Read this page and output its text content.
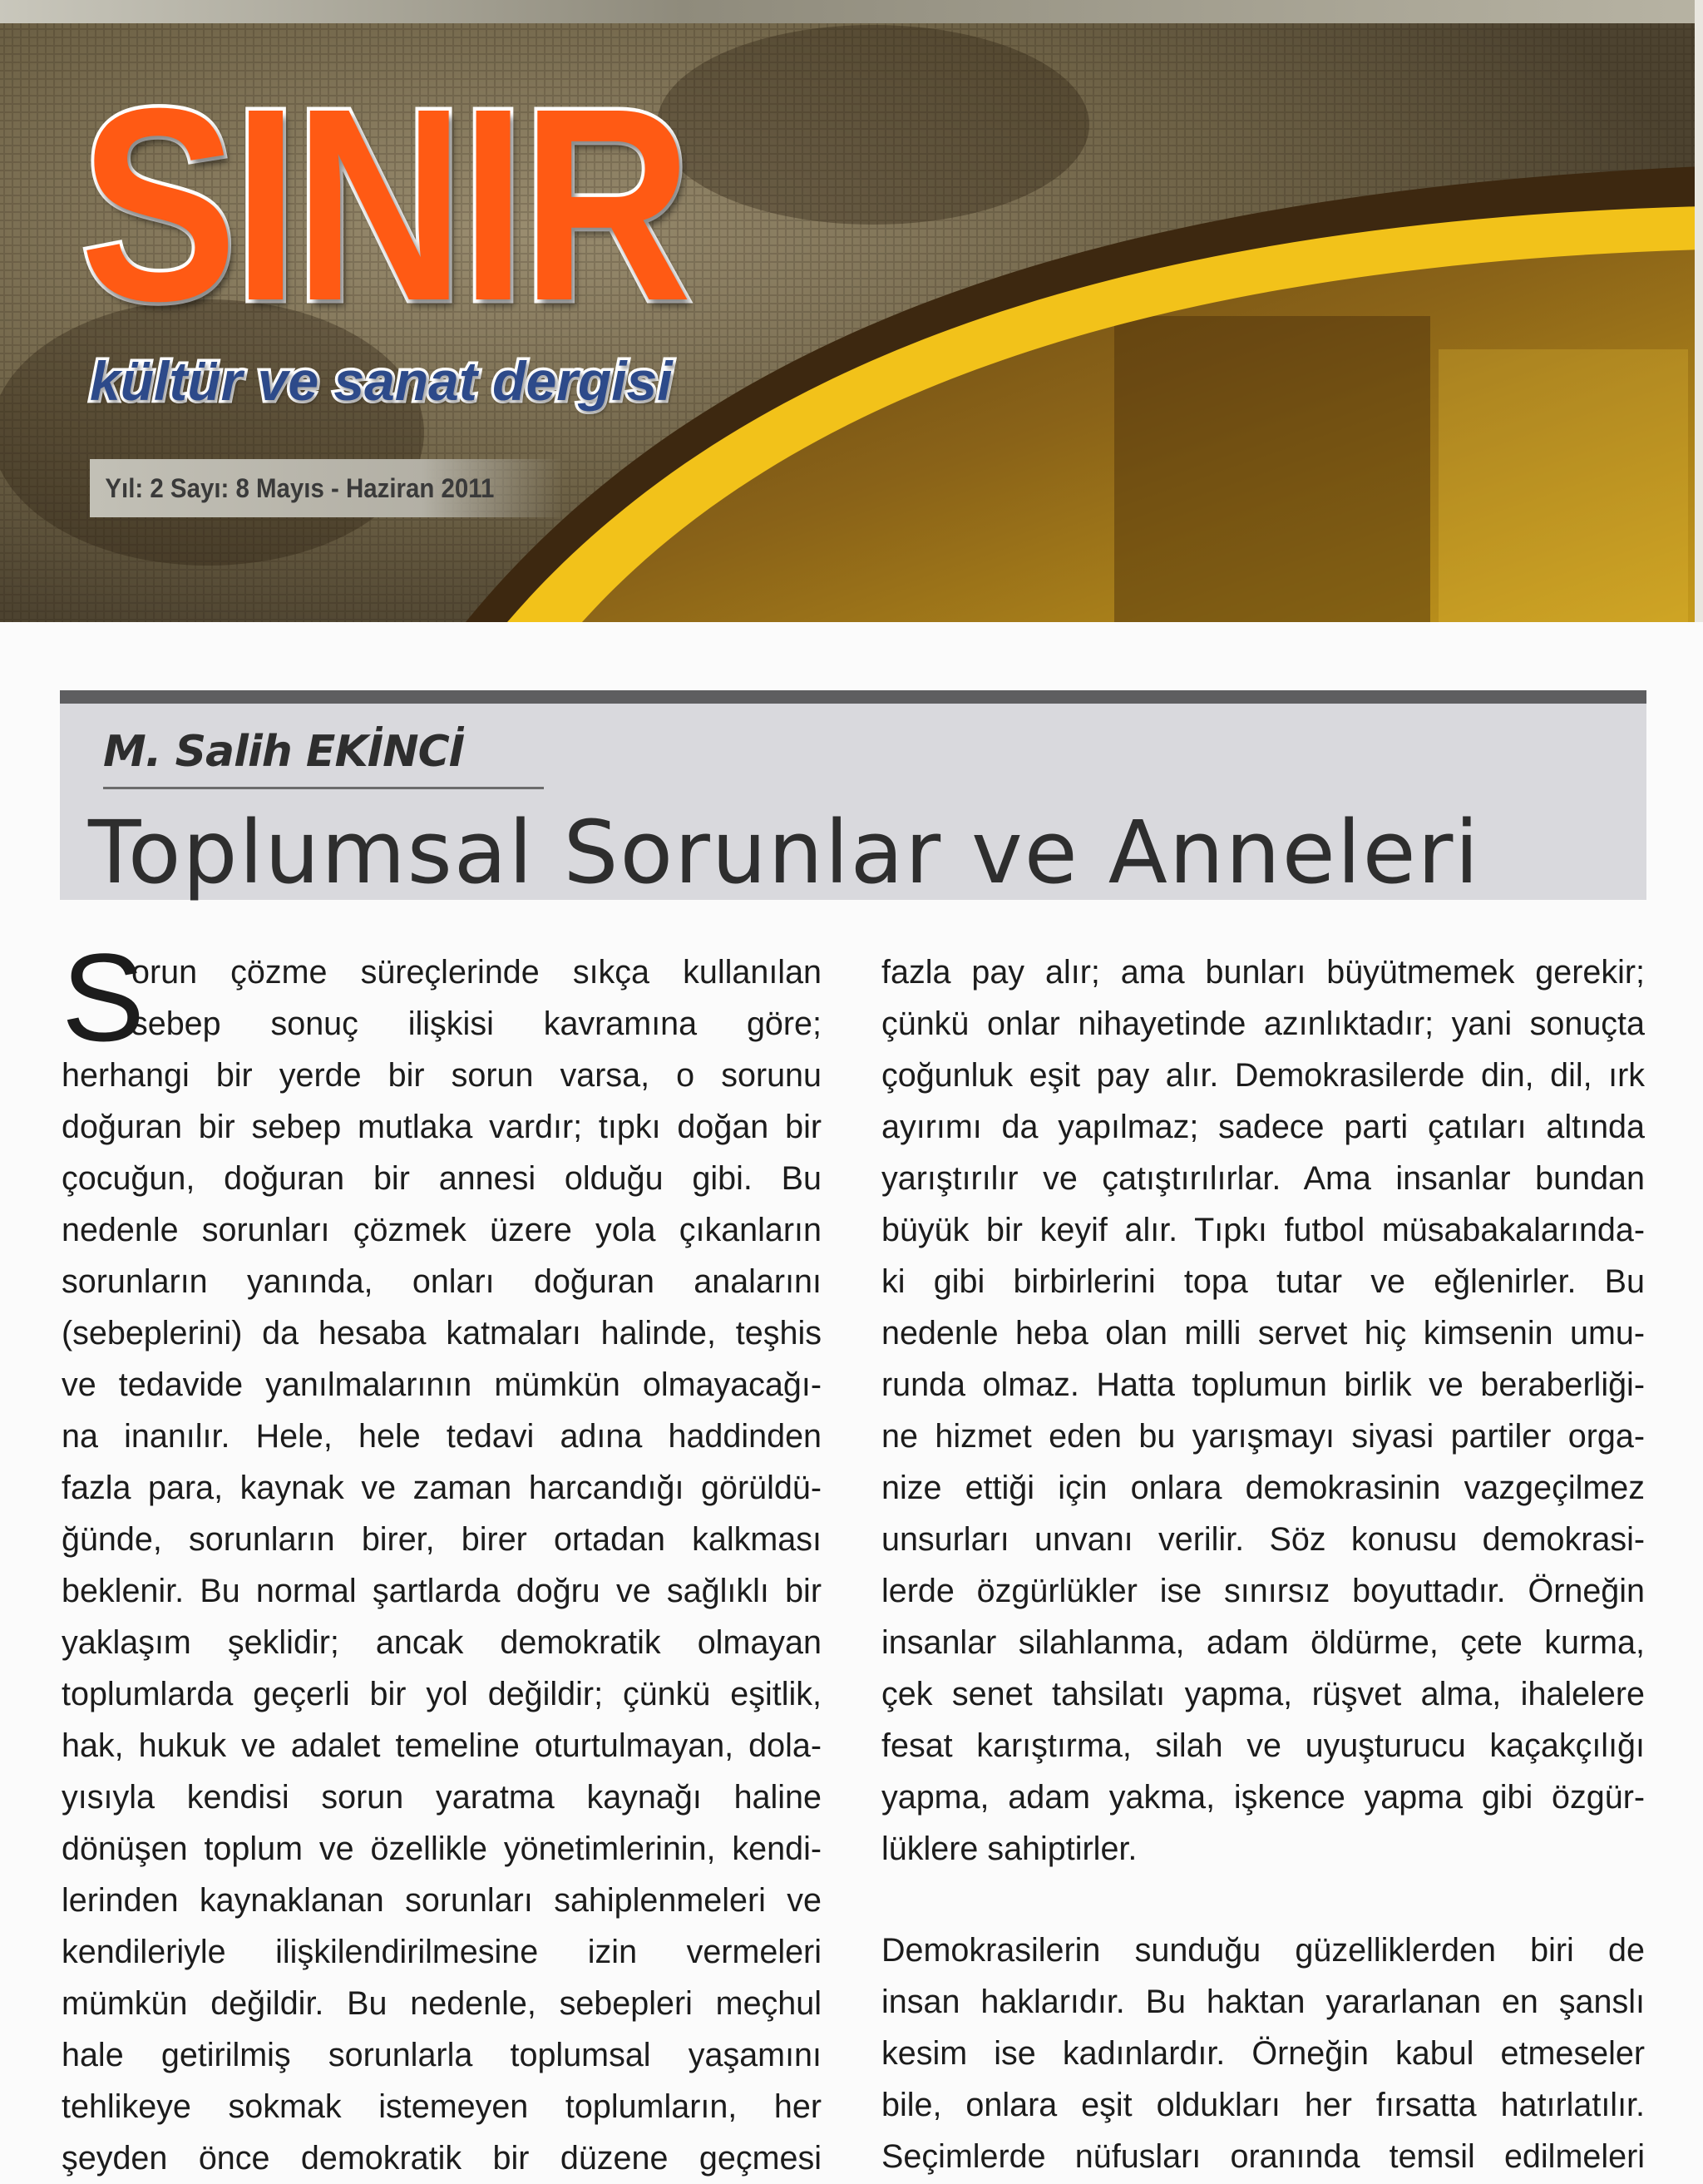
SINIR
kültür ve sanat dergisi
Yıl: 2 Sayı: 8 Mayıs - Haziran 2011

M. Salih EKİNCİ

Toplumsal Sorunlar ve Anneleri
S
orun çözme süreçlerinde sıkça kullanılan
sebep sonuç ilişkisi kavramına göre;
herhangi bir yerde bir sorun varsa, o sorunu
doğuran bir sebep mutlaka vardır; tıpkı doğan bir
çocuğun, doğuran bir annesi olduğu gibi. Bu
nedenle sorunları çözmek üzere yola çıkanların
sorunların yanında, onları doğuran analarını
(sebeplerini) da hesaba katmaları halinde, teşhis
ve tedavide yanılmalarının mümkün olmayacağı-
na inanılır. Hele, hele tedavi adına haddinden
fazla para, kaynak ve zaman harcandığı görüldü-
ğünde, sorunların birer, birer ortadan kalkması
beklenir. Bu normal şartlarda doğru ve sağlıklı bir
yaklaşım şeklidir; ancak demokratik olmayan
toplumlarda geçerli bir yol değildir; çünkü eşitlik,
hak, hukuk ve adalet temeline oturtulmayan, dola-
yısıyla kendisi sorun yaratma kaynağı haline
dönüşen toplum ve özellikle yönetimlerinin, kendi-
lerinden kaynaklanan sorunları sahiplenmeleri ve
kendileriyle ilişkilendirilmesine izin vermeleri
mümkün değildir. Bu nedenle, sebepleri meçhul
hale getirilmiş sorunlarla toplumsal yaşamını
tehlikeye sokmak istemeyen toplumların, her
şeyden önce demokratik bir düzene geçmesi
fazla pay alır; ama bunları büyütmemek gerekir;
çünkü onlar nihayetinde azınlıktadır; yani sonuçta
çoğunluk eşit pay alır. Demokrasilerde din, dil, ırk
ayırımı da yapılmaz; sadece parti çatıları altında
yarıştırılır ve çatıştırılırlar. Ama insanlar bundan
büyük bir keyif alır. Tıpkı futbol müsabakalarında-
ki gibi birbirlerini topa tutar ve eğlenirler. Bu
nedenle heba olan milli servet hiç kimsenin umu-
runda olmaz. Hatta toplumun birlik ve beraberliği-
ne hizmet eden bu yarışmayı siyasi partiler orga-
nize ettiği için onlara demokrasinin vazgeçilmez
unsurları unvanı verilir. Söz konusu demokrasi-
lerde özgürlükler ise sınırsız boyuttadır. Örneğin
insanlar silahlanma, adam öldürme, çete kurma,
çek senet tahsilatı yapma, rüşvet alma, ihalelere
fesat karıştırma, silah ve uyuşturucu kaçakçılığı
yapma, adam yakma, işkence yapma gibi özgür-
lüklere sahiptirler.
Demokrasilerin sunduğu güzelliklerden biri de
insan haklarıdır. Bu haktan yararlanan en şanslı
kesim ise kadınlardır. Örneğin kabul etmeseler
bile, onlara eşit oldukları her fırsatta hatırlatılır.
Seçimlerde nüfusları oranında temsil edilmeleri
